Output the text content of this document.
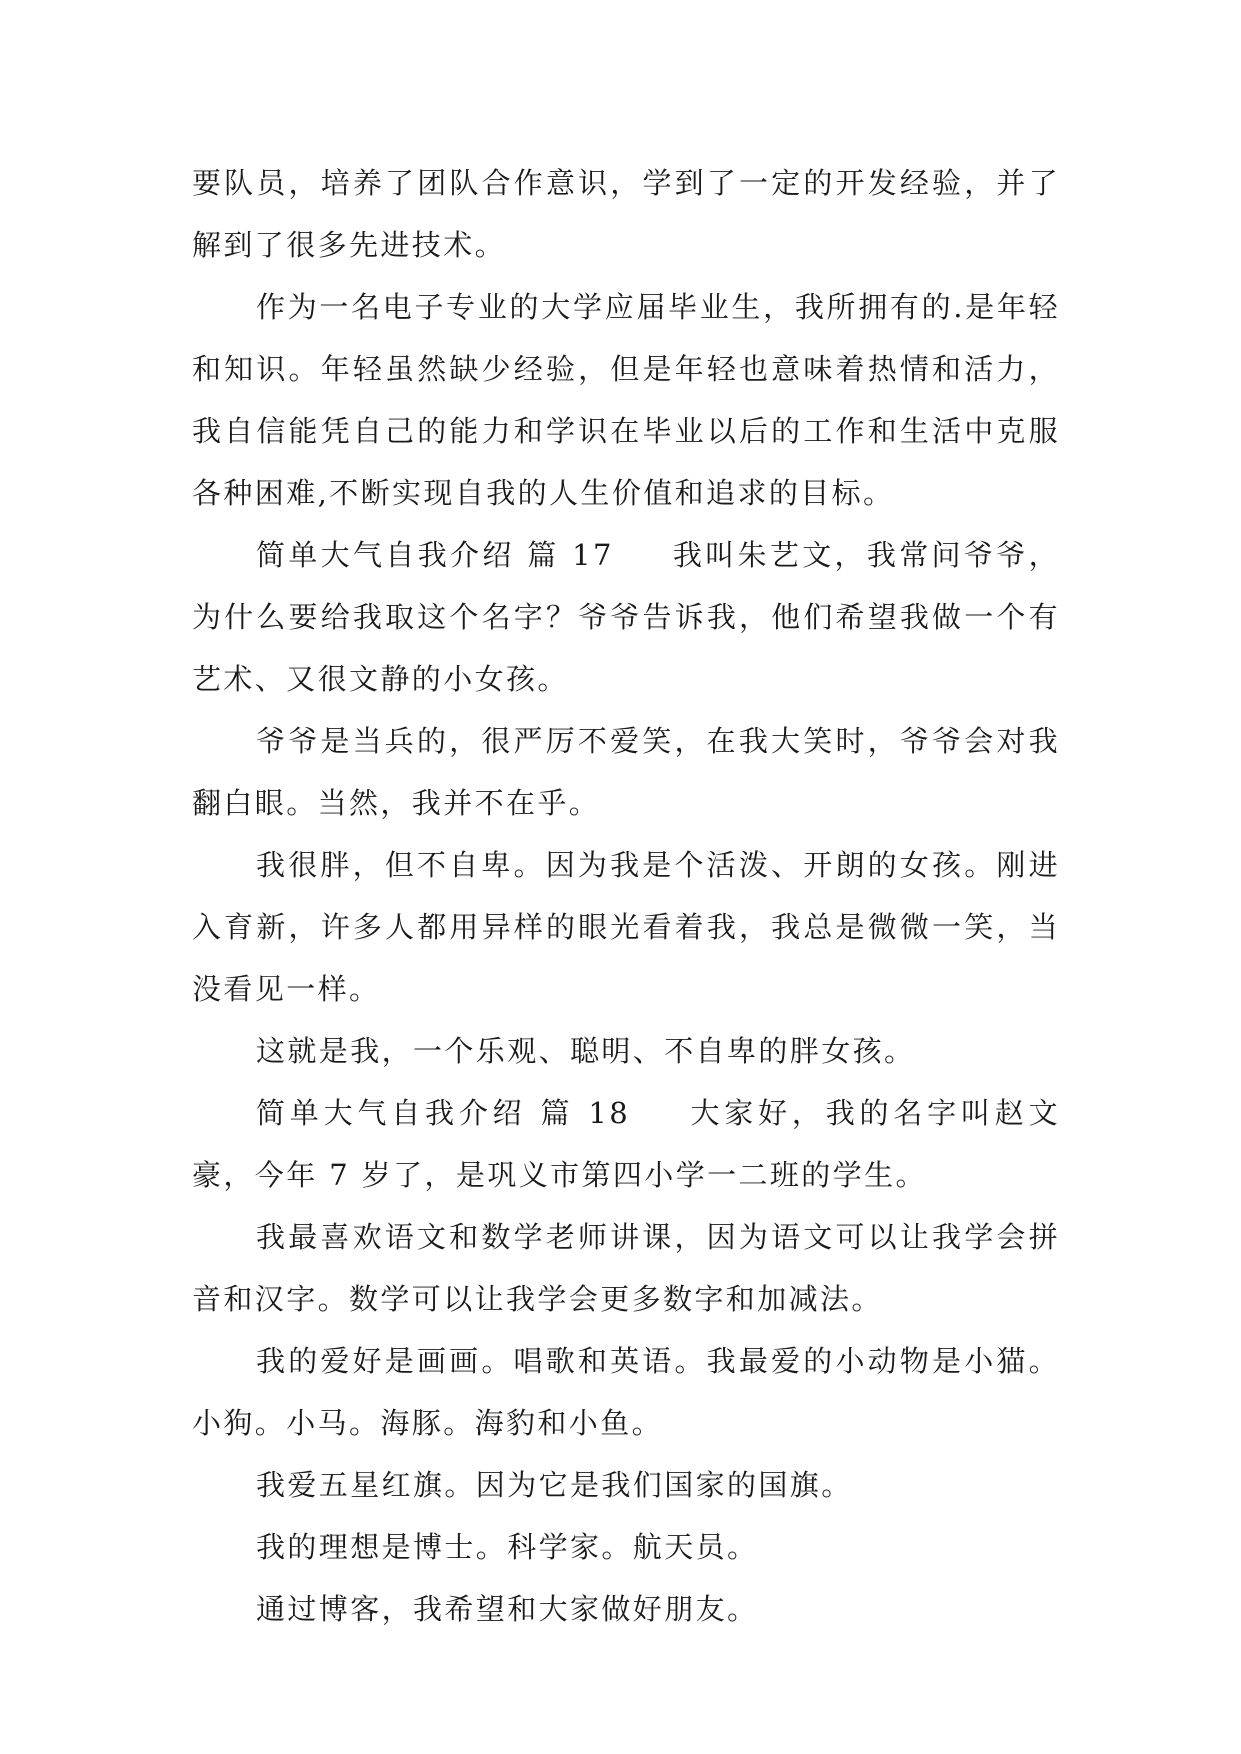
要队员，培养了团队合作意识，学到了一定的开发经验，并了解到了很多先进技术。

作为一名电子专业的大学应届毕业生，我所拥有的.是年轻和知识。年轻虽然缺少经验，但是年轻也意味着热情和活力，我自信能凭自己的能力和学识在毕业以后的工作和生活中克服各种困难,不断实现自我的人生价值和追求的目标。

简单大气自我介绍 篇 17 我叫朱艺文，我常问爷爷，为什么要给我取这个名字？爷爷告诉我，他们希望我做一个有艺术、又很文静的小女孩。

爷爷是当兵的，很严厉不爱笑，在我大笑时，爷爷会对我翻白眼。当然，我并不在乎。

我很胖，但不自卑。因为我是个活泼、开朗的女孩。刚进入育新，许多人都用异样的眼光看着我，我总是微微一笑，当没看见一样。

这就是我，一个乐观、聪明、不自卑的胖女孩。

简单大气自我介绍 篇 18 大家好，我的名字叫赵文豪，今年 7 岁了，是巩义市第四小学一二班的学生。

我最喜欢语文和数学老师讲课，因为语文可以让我学会拼音和汉字。数学可以让我学会更多数字和加减法。

我的爱好是画画。唱歌和英语。我最爱的小动物是小猫。小狗。小马。海豚。海豹和小鱼。

我爱五星红旗。因为它是我们国家的国旗。

我的理想是博士。科学家。航天员。

通过博客，我希望和大家做好朋友。
